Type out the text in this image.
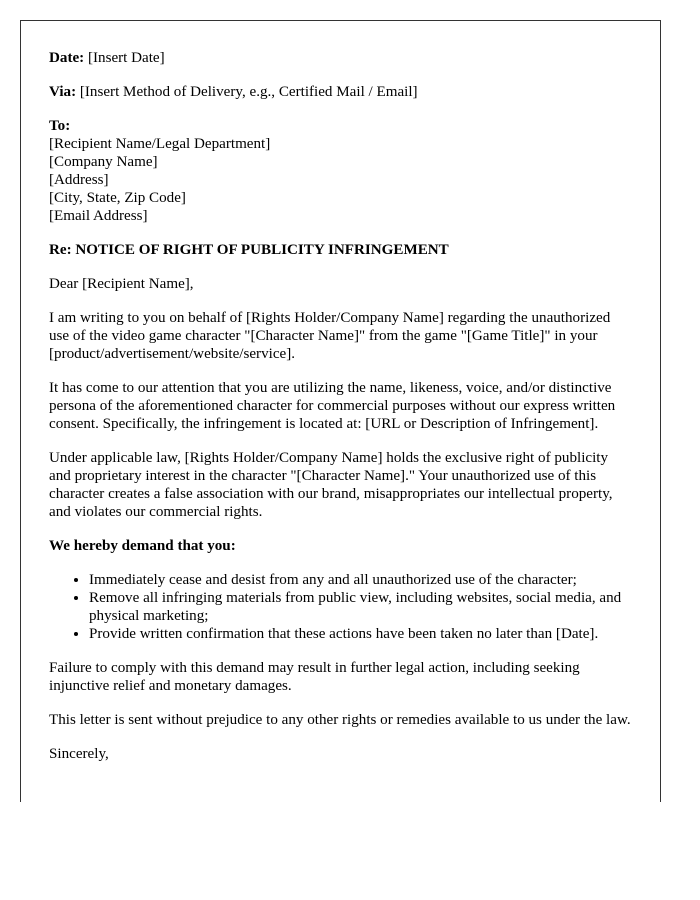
Date: [Insert Date]

Via: [Insert Method of Delivery, e.g., Certified Mail / Email]

To:
[Recipient Name/Legal Department]
[Company Name]
[Address]
[City, State, Zip Code]
[Email Address]

Re: NOTICE OF RIGHT OF PUBLICITY INFRINGEMENT

Dear [Recipient Name],

I am writing to you on behalf of [Rights Holder/Company Name] regarding the unauthorized use of the video game character "[Character Name]" from the game "[Game Title]" in your [product/advertisement/website/service].

It has come to our attention that you are utilizing the name, likeness, voice, and/or distinctive persona of the aforementioned character for commercial purposes without our express written consent. Specifically, the infringement is located at: [URL or Description of Infringement].

Under applicable law, [Rights Holder/Company Name] holds the exclusive right of publicity and proprietary interest in the character "[Character Name]." Your unauthorized use of this character creates a false association with our brand, misappropriates our intellectual property, and violates our commercial rights.

We hereby demand that you:

• Immediately cease and desist from any and all unauthorized use of the character;
• Remove all infringing materials from public view, including websites, social media, and physical marketing;
• Provide written confirmation that these actions have been taken no later than [Date].

Failure to comply with this demand may result in further legal action, including seeking injunctive relief and monetary damages.

This letter is sent without prejudice to any other rights or remedies available to us under the law.

Sincerely,
